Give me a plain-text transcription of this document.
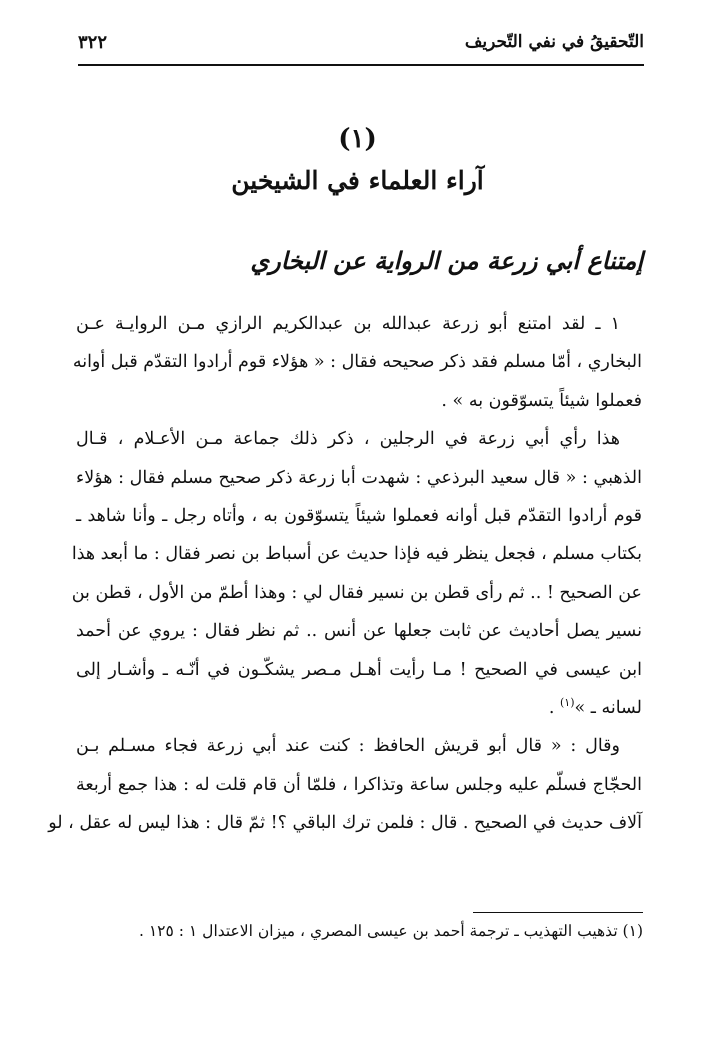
التّحقيقُ في نفي التّحريف
٣٢٢
(١)
آراء العلماء في الشيخين
إمتناع أبي زرعة من الرواية عن البخاري
١ ـ لقد امتنع أبو زرعة عبدالله بن عبدالكريم الرازي مـن الروايـة عـن
البخاري ، أمّا مسلم فقد ذكر صحيحه فقال : « هؤلاء قوم أرادوا التقدّم قبل أوانه
فعملوا شيئاً يتسوّقون به » .
هذا رأي أبي زرعة في الرجلين ، ذكر ذلك جماعة مـن الأعـلام ، قـال
الذهبي : « قال سعيد البرذعي : شهدت أبا زرعة ذكر صحيح مسلم فقال : هؤلاء
قوم أرادوا التقدّم قبل أوانه فعملوا شيئاً يتسوّقون به ، وأتاه رجل ـ وأنا شاهد ـ
بكتاب مسلم ، فجعل ينظر فيه فإذا حديث عن أسباط بن نصر فقال : ما أبعد هذا
عن الصحيح ! .. ثم رأى قطن بن نسير فقال لي : وهذا أطمّ من الأول ، قطن بن
نسير يصل أحاديث عن ثابت جعلها عن أنس .. ثم نظر فقال : يروي عن أحمد
ابن عيسى في الصحيح ! مـا رأيت أهـل مـصر يشكّـون في أنّـه ـ وأشـار إلى
لسانه ـ »$^{(١)}$ .
وقال : « قال أبو قريش الحافظ : كنت عند أبي زرعة فجاء مسـلم بـن
الحجّاج فسلّم عليه وجلس ساعة وتذاكرا ، فلمّا أن قام قلت له : هذا جمع أربعة
آلاف حديث في الصحيح . قال : فلمن ترك الباقي ؟! ثمّ قال : هذا ليس له عقل ، لو
(١) تذهيب التهذيب ـ ترجمة أحمد بن عيسى المصري ، ميزان الاعتدال ١ : ١٢٥ .
